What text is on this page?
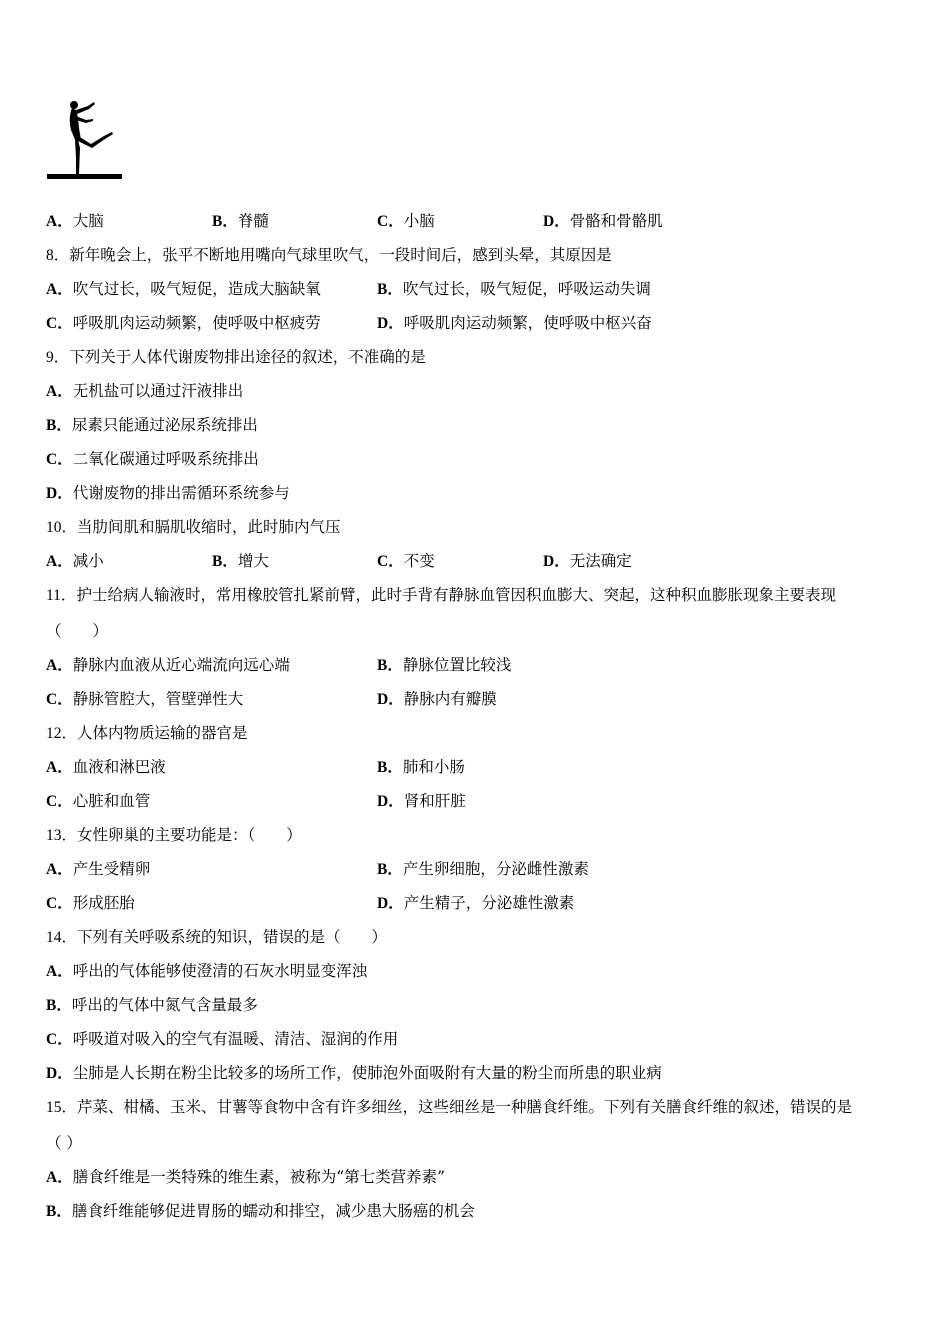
A．大脑	B．脊髓	C．小脑	D．骨骼和骨骼肌
8．新年晚会上，张平不断地用嘴向气球里吹气，一段时间后，感到头晕，其原因是
A．吹气过长，吸气短促，造成大脑缺氧	B．吹气过长，吸气短促，呼吸运动失调
C．呼吸肌肉运动频繁，使呼吸中枢疲劳	D．呼吸肌肉运动频繁，使呼吸中枢兴奋
9．下列关于人体代谢废物排出途径的叙述，不准确的是
A．无机盐可以通过汗液排出
B．尿素只能通过泌尿系统排出
C．二氧化碳通过呼吸系统排出
D．代谢废物的排出需循环系统参与
10．当肋间肌和膈肌收缩时，此时肺内气压
A．减小	B．增大	C．不变	D．无法确定
11．护士给病人输液时，常用橡胶管扎紧前臂，此时手背有静脉血管因积血膨大、突起，这种积血膨胀现象主要表现
（　　）
A．静脉内血液从近心端流向远心端	B．静脉位置比较浅
C．静脉管腔大，管壁弹性大	D．静脉内有瓣膜
12．人体内物质运输的器官是
A．血液和淋巴液	B．肺和小肠
C．心脏和血管	D．肾和肝脏
13．女性卵巢的主要功能是：（　　）
A．产生受精卵	B．产生卵细胞，分泌雌性激素
C．形成胚胎	D．产生精子，分泌雄性激素
14．下列有关呼吸系统的知识，错误的是（　　）
A．呼出的气体能够使澄清的石灰水明显变浑浊
B．呼出的气体中氮气含量最多
C．呼吸道对吸入的空气有温暖、清洁、湿润的作用
D．尘肺是人长期在粉尘比较多的场所工作，使肺泡外面吸附有大量的粉尘而所患的职业病
15．芹菜、柑橘、玉米、甘薯等食物中含有许多细丝，这些细丝是一种膳食纤维。下列有关膳食纤维的叙述，错误的是
（ ）
A．膳食纤维是一类特殊的维生素，被称为“第七类营养素”
B．膳食纤维能够促进胃肠的蠕动和排空，减少患大肠癌的机会
